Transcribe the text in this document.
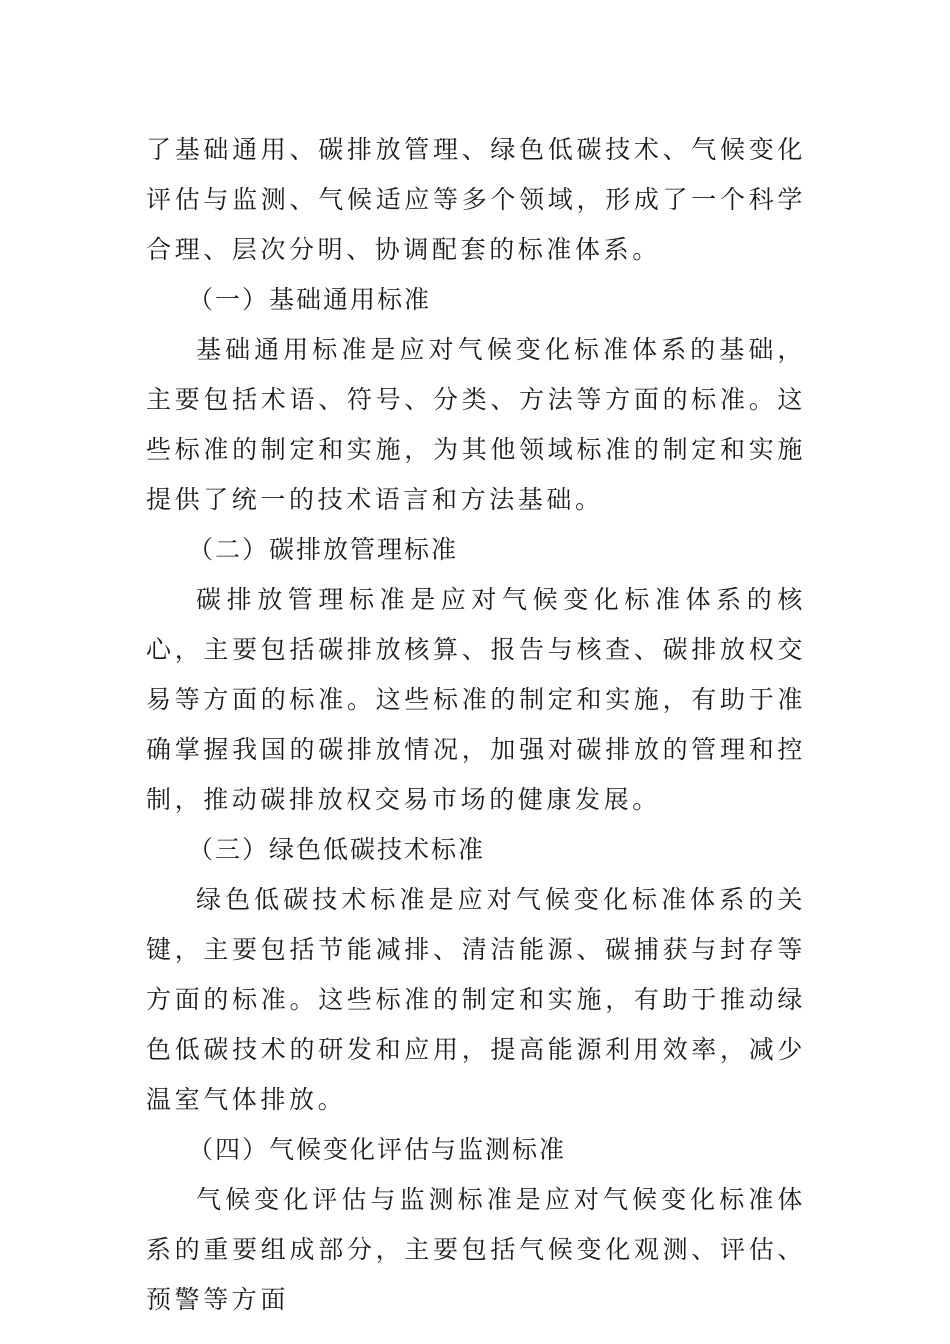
了基础通用、碳排放管理、绿色低碳技术、气候变化评估与监测、气候适应等多个领域，形成了一个科学合理、层次分明、协调配套的标准体系。

（一）基础通用标准

基础通用标准是应对气候变化标准体系的基础，主要包括术语、符号、分类、方法等方面的标准。这些标准的制定和实施，为其他领域标准的制定和实施提供了统一的技术语言和方法基础。

（二）碳排放管理标准

碳排放管理标准是应对气候变化标准体系的核心，主要包括碳排放核算、报告与核查、碳排放权交易等方面的标准。这些标准的制定和实施，有助于准确掌握我国的碳排放情况，加强对碳排放的管理和控制，推动碳排放权交易市场的健康发展。

（三）绿色低碳技术标准

绿色低碳技术标准是应对气候变化标准体系的关键，主要包括节能减排、清洁能源、碳捕获与封存等方面的标准。这些标准的制定和实施，有助于推动绿色低碳技术的研发和应用，提高能源利用效率，减少温室气体排放。

（四）气候变化评估与监测标准

气候变化评估与监测标准是应对气候变化标准体系的重要组成部分，主要包括气候变化观测、评估、预警等方面
